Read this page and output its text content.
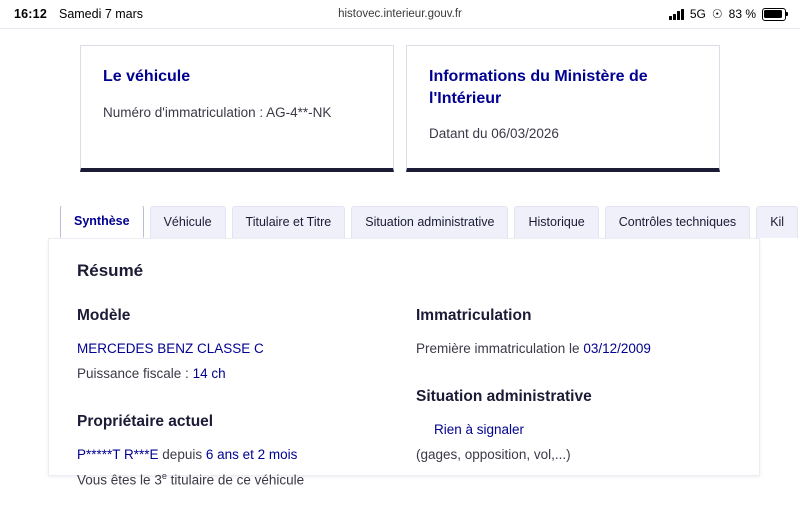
16:12 Samedi 7 mars	histovec.interieur.gouv.fr	5G ☉ 83 %

Le véhicule

Numéro d'immatriculation : AG-4**-NK

Informations du Ministère de l'Intérieur

Datant du 06/03/2026

Synthèse	Véhicule	Titulaire et Titre	Situation administrative	Historique	Contrôles techniques	Kil
Résumé
Modèle

MERCEDES BENZ CLASSE C

Puissance fiscale : 14 ch

Propriétaire actuel

P*****T R***E depuis 6 ans et 2 mois

Vous êtes le 3e titulaire de ce véhicule

Immatriculation

Première immatriculation le 03/12/2009

Situation administrative

Rien à signaler

(gages, opposition, vol,...)
